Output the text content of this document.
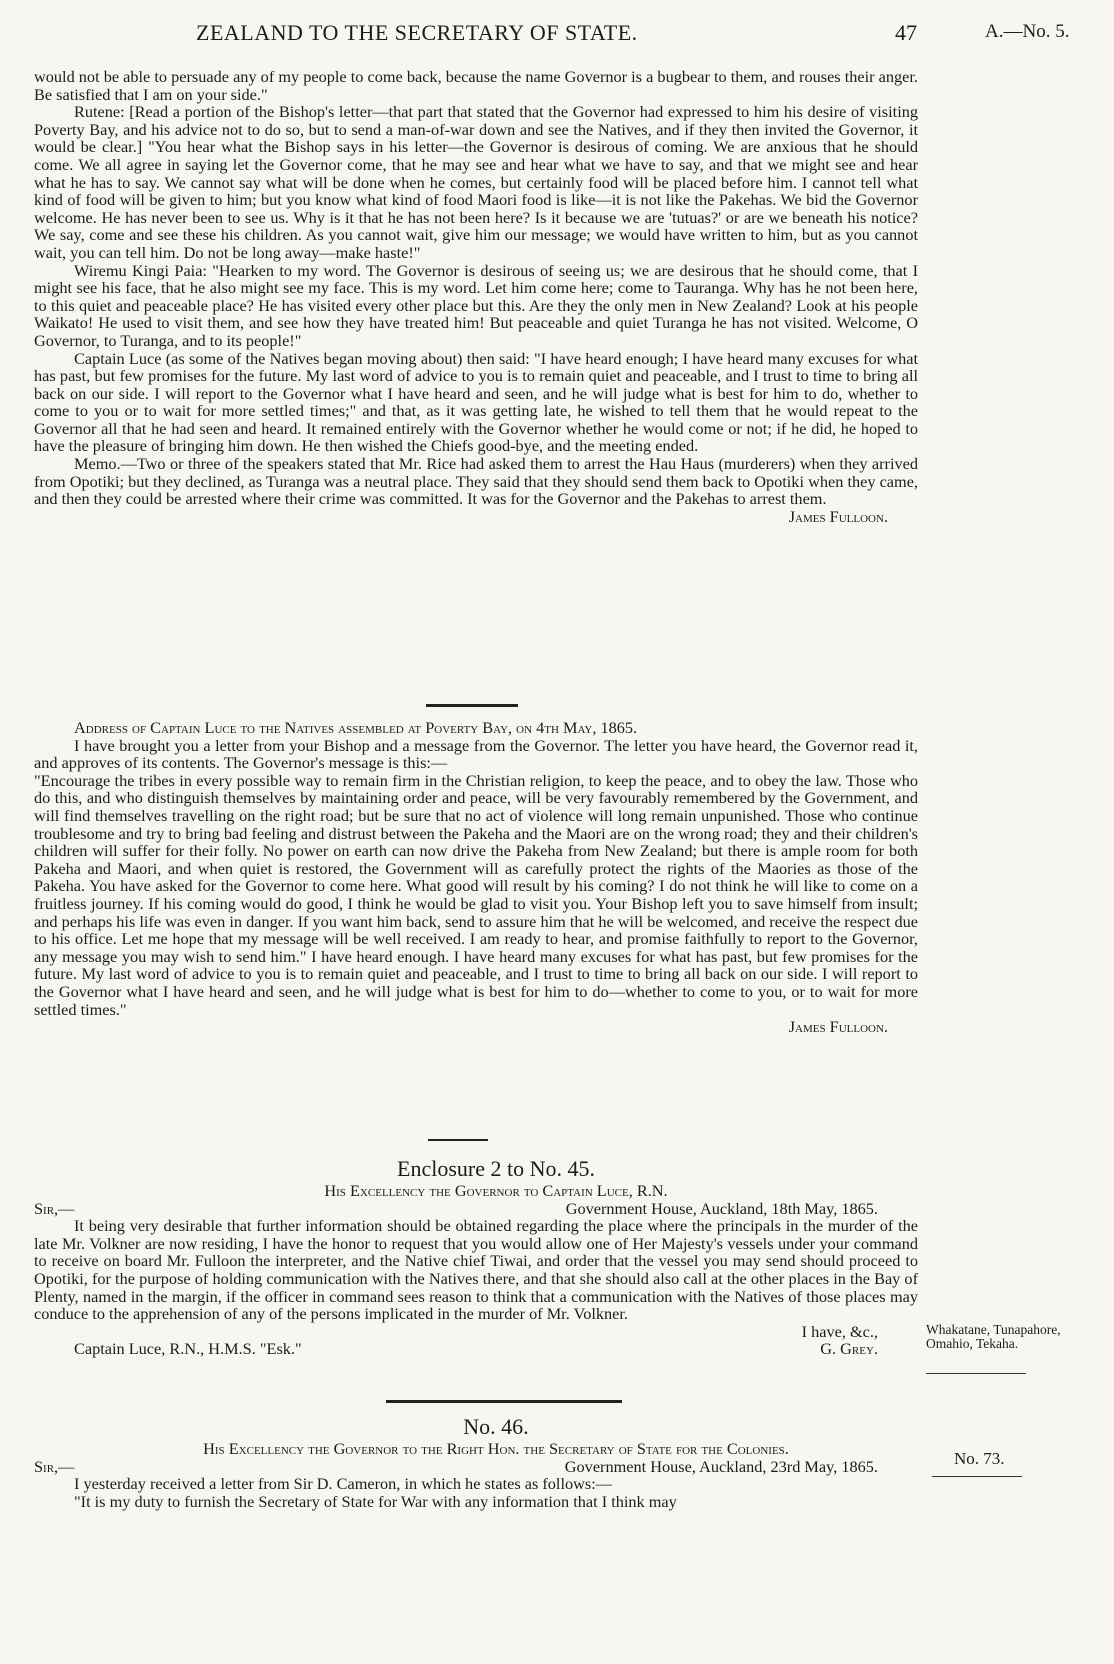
ZEALAND TO THE SECRETARY OF STATE.	47	A.—No. 5.

would not be able to persuade any of my people to come back, because the name Governor is a bugbear to them, and rouses their anger. Be satisfied that I am on your side."

Rutene: [Read a portion of the Bishop's letter—that part that stated that the Governor had expressed to him his desire of visiting Poverty Bay, and his advice not to do so, but to send a man-of-war down and see the Natives, and if they then invited the Governor, it would be clear.] "You hear what the Bishop says in his letter—the Governor is desirous of coming. We are anxious that he should come. We all agree in saying let the Governor come, that he may see and hear what we have to say, and that we might see and hear what he has to say. We cannot say what will be done when he comes, but certainly food will be placed before him. I cannot tell what kind of food will be given to him; but you know what kind of food Maori food is like—it is not like the Pakehas. We bid the Governor welcome. He has never been to see us. Why is it that he has not been here? Is it because we are 'tutuas?' or are we beneath his notice? We say, come and see these his children. As you cannot wait, give him our message; we would have written to him, but as you cannot wait, you can tell him. Do not be long away—make haste!"

Wiremu Kingi Paia: "Hearken to my word. The Governor is desirous of seeing us; we are desirous that he should come, that I might see his face, that he also might see my face. This is my word. Let him come here; come to Tauranga. Why has he not been here, to this quiet and peaceable place? He has visited every other place but this. Are they the only men in New Zealand? Look at his people Waikato! He used to visit them, and see how they have treated him! But peaceable and quiet Turanga he has not visited. Welcome, O Governor, to Turanga, and to its people!"

Captain Luce (as some of the Natives began moving about) then said: "I have heard enough; I have heard many excuses for what has past, but few promises for the future. My last word of advice to you is to remain quiet and peaceable, and I trust to time to bring all back on our side. I will report to the Governor what I have heard and seen, and he will judge what is best for him to do, whether to come to you or to wait for more settled times;" and that, as it was getting late, he wished to tell them that he would repeat to the Governor all that he had seen and heard. It remained entirely with the Governor whether he would come or not; if he did, he hoped to have the pleasure of bringing him down. He then wished the Chiefs good-bye, and the meeting ended.

Memo.—Two or three of the speakers stated that Mr. Rice had asked them to arrest the Hau Haus (murderers) when they arrived from Opotiki; but they declined, as Turanga was a neutral place. They said that they should send them back to Opotiki when they came, and then they could be arrested where their crime was committed. It was for the Governor and the Pakehas to arrest them.

James Fulloon.

Address of Captain Luce to the Natives assembled at Poverty Bay, on 4th May, 1865.

I have brought you a letter from your Bishop and a message from the Governor. The letter you have heard, the Governor read it, and approves of its contents. The Governor's message is this:—

"Encourage the tribes in every possible way to remain firm in the Christian religion, to keep the peace, and to obey the law. Those who do this, and who distinguish themselves by maintaining order and peace, will be very favourably remembered by the Government, and will find themselves travelling on the right road; but be sure that no act of violence will long remain unpunished. Those who continue troublesome and try to bring bad feeling and distrust between the Pakeha and the Maori are on the wrong road; they and their children's children will suffer for their folly. No power on earth can now drive the Pakeha from New Zealand; but there is ample room for both Pakeha and Maori, and when quiet is restored, the Government will as carefully protect the rights of the Maories as those of the Pakeha. You have asked for the Governor to come here. What good will result by his coming? I do not think he will like to come on a fruitless journey. If his coming would do good, I think he would be glad to visit you. Your Bishop left you to save himself from insult; and perhaps his life was even in danger. If you want him back, send to assure him that he will be welcomed, and receive the respect due to his office. Let me hope that my message will be well received. I am ready to hear, and promise faithfully to report to the Governor, any message you may wish to send him." I have heard enough. I have heard many excuses for what has past, but few promises for the future. My last word of advice to you is to remain quiet and peaceable, and I trust to time to bring all back on our side. I will report to the Governor what I have heard and seen, and he will judge what is best for him to do—whether to come to you, or to wait for more settled times."

James Fulloon.

Enclosure 2 to No. 45.

His Excellency the Governor to Captain Luce, R.N.

Sir,—	Government House, Auckland, 18th May, 1865.

It being very desirable that further information should be obtained regarding the place where the principals in the murder of the late Mr. Volkner are now residing, I have the honor to request that you would allow one of Her Majesty's vessels under your command to receive on board Mr. Fulloon the interpreter, and the Native chief Tiwai, and order that the vessel you may send should proceed to Opotiki, for the purpose of holding communication with the Natives there, and that she should also call at the other places in the Bay of Plenty, named in the margin, if the officer in command sees reason to think that a communication with the Natives of those places may conduce to the apprehension of any of the persons implicated in the murder of Mr. Volkner.

I have, &c.,
Captain Luce, R.N., H.M.S. "Esk."	G. Grey.
Whakatane, Tunapahore, Omahio, Tekaha.

No. 46.

His Excellency the Governor to the Right Hon. the Secretary of State for the Colonies.

Sir,—	Government House, Auckland, 23rd May, 1865.

I yesterday received a letter from Sir D. Cameron, in which he states as follows:—

"It is my duty to furnish the Secretary of State for War with any information that I think may

No. 73.
